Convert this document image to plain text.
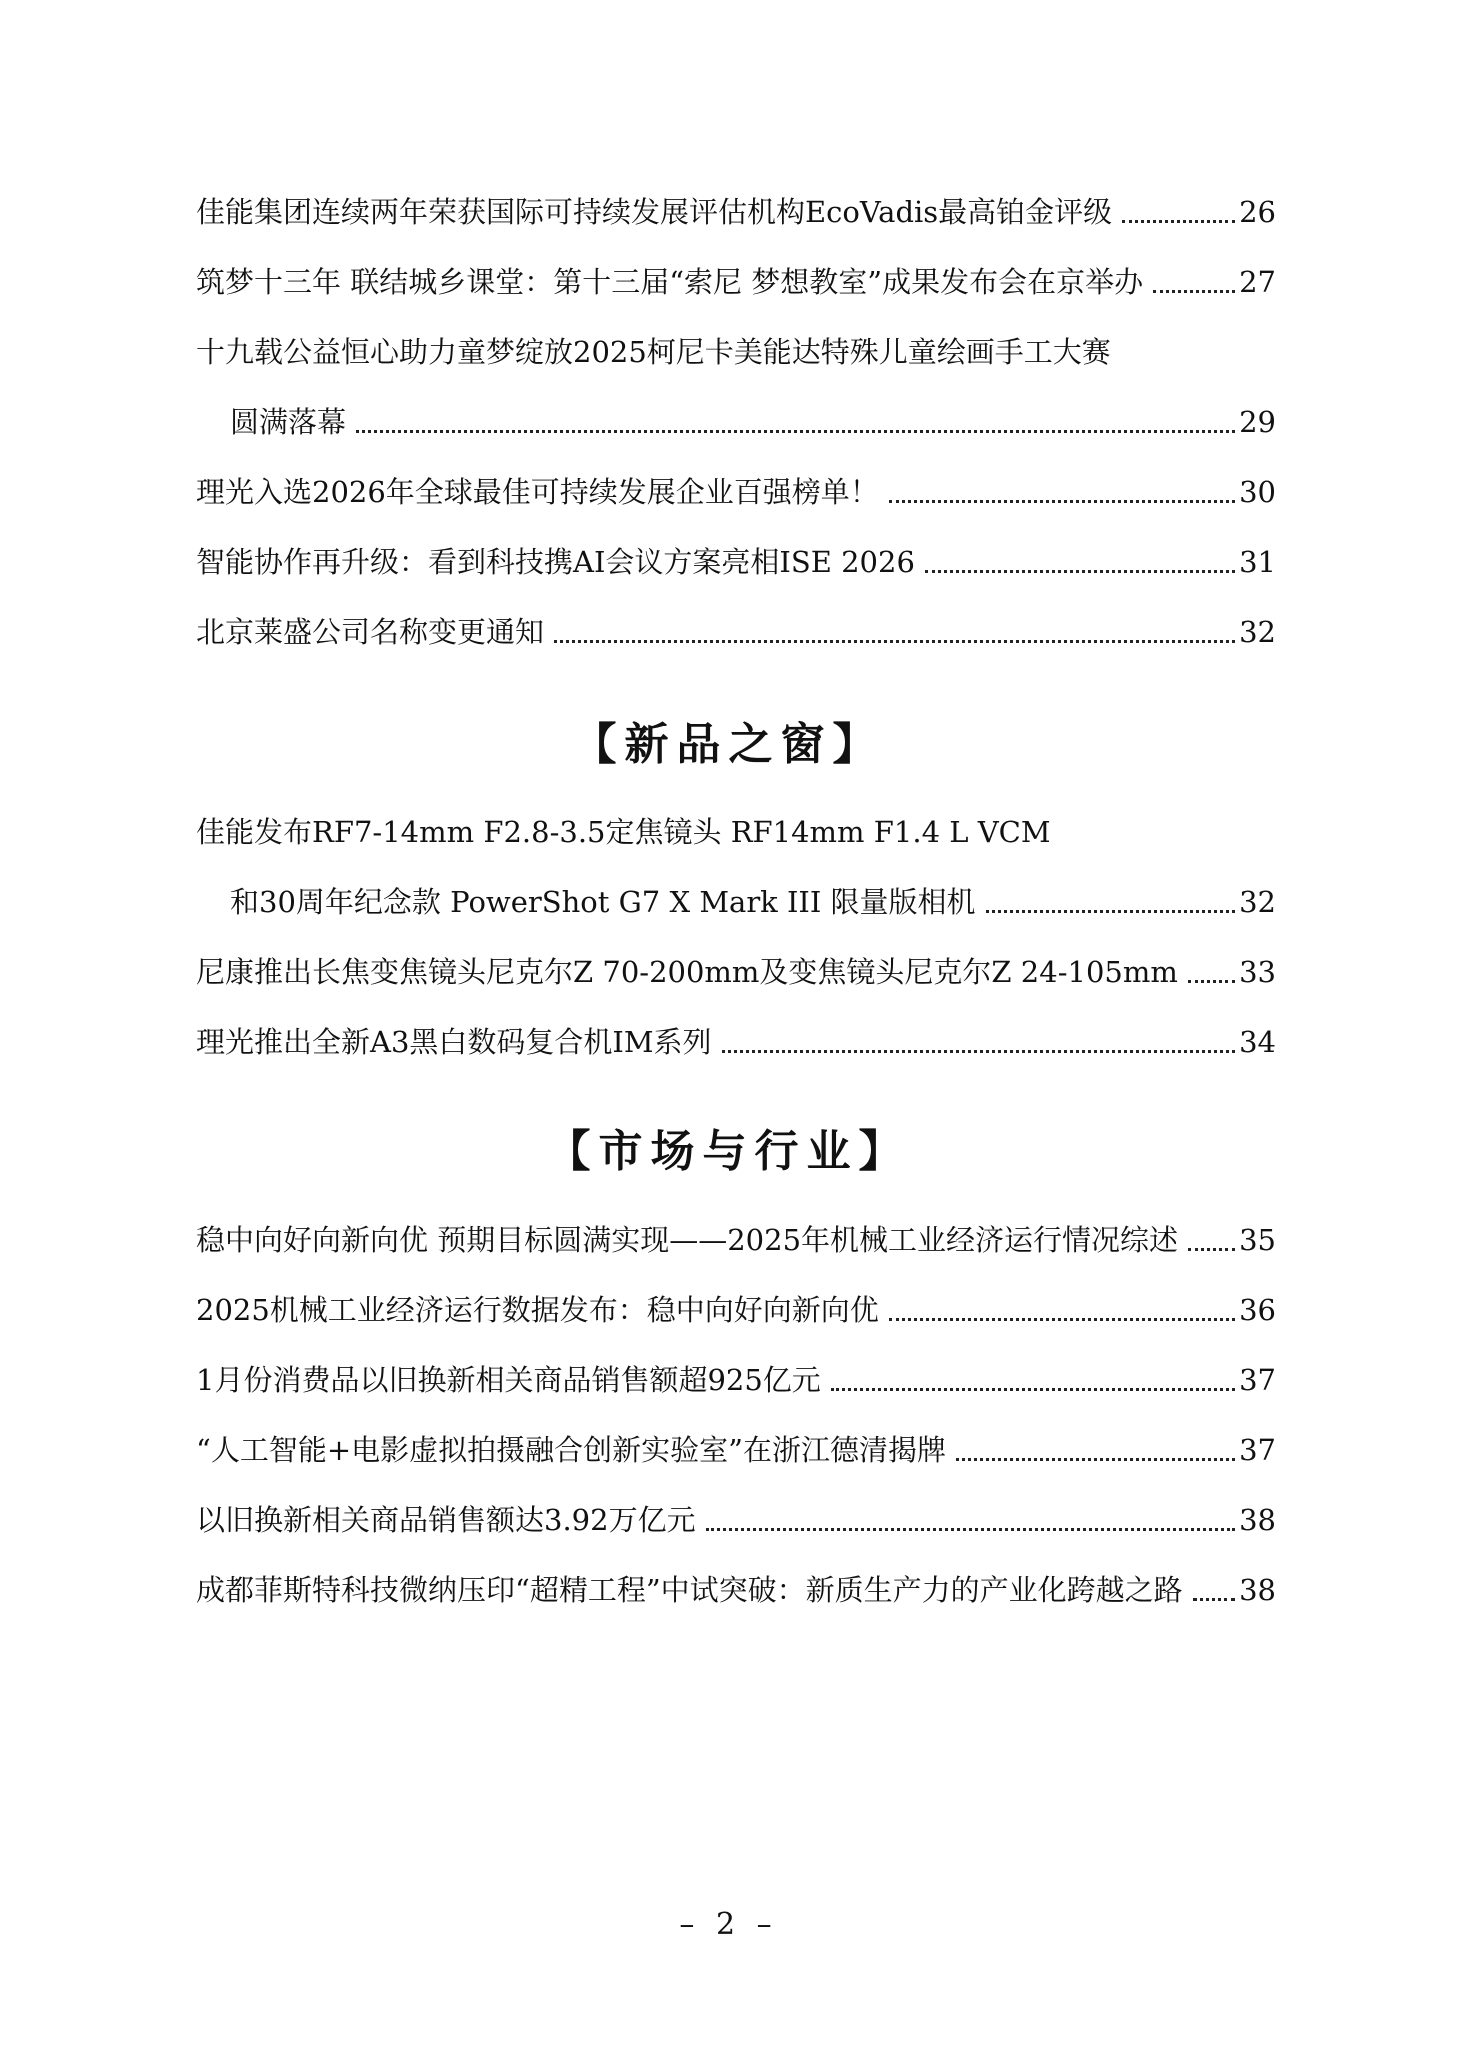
佳能集团连续两年荣获国际可持续发展评估机构EcoVadis最高铂金评级	26
筑梦十三年 联结城乡课堂：第十三届“索尼 梦想教室”成果发布会在京举办	27
十九载公益恒心助力童梦绽放2025柯尼卡美能达特殊儿童绘画手工大赛
圆满落幕	29
理光入选2026年全球最佳可持续发展企业百强榜单！	30
智能协作再升级：看到科技携AI会议方案亮相ISE 2026	31
北京莱盛公司名称变更通知	32
【新品之窗】
佳能发布RF7-14mm F2.8-3.5定焦镜头 RF14mm F1.4 L VCM
和30周年纪念款 PowerShot G7 X Mark III 限量版相机	32
尼康推出长焦变焦镜头尼克尔Z 70-200mm及变焦镜头尼克尔Z 24-105mm	33
理光推出全新A3黑白数码复合机IM系列	34
【市场与行业】
稳中向好向新向优 预期目标圆满实现——2025年机械工业经济运行情况综述	35
2025机械工业经济运行数据发布：稳中向好向新向优	36
1月份消费品以旧换新相关商品销售额超925亿元	37
“人工智能+电影虚拟拍摄融合创新实验室”在浙江德清揭牌	37
以旧换新相关商品销售额达3.92万亿元	38
成都菲斯特科技微纳压印“超精工程”中试突破：新质生产力的产业化跨越之路	38
– 2 –
